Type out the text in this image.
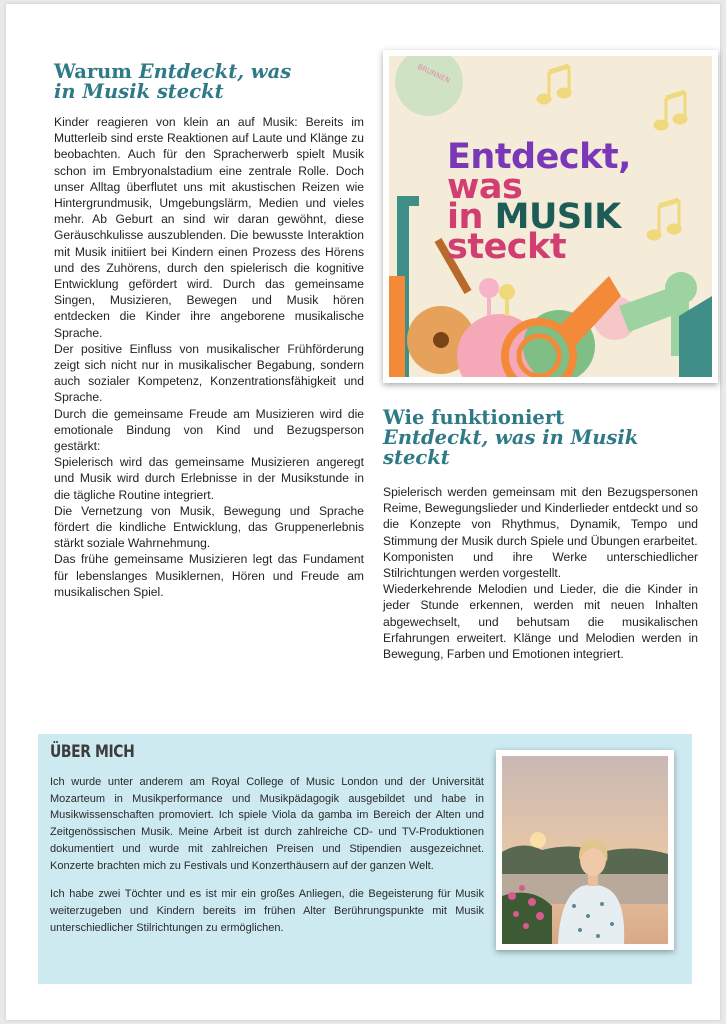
Warum Entdeckt, was
in Musik steckt

Kinder reagieren von klein an auf Musik: Bereits im Mutterleib sind erste Reaktionen auf Laute und Klänge zu beobachten. Auch für den Spracherwerb spielt Musik schon im Embryonalstadium eine zentrale Rolle. Doch unser Alltag überflutet uns mit akustischen Reizen wie Hintergrundmusik, Umgebungslärm, Medien und vieles mehr. Ab Geburt an sind wir daran gewöhnt, diese Geräuschkulisse auszublenden. Die bewusste Interaktion mit Musik initiiert bei Kindern einen Prozess des Hörens und des Zuhörens, durch den spielerisch die kognitive Entwicklung gefördert wird. Durch das gemeinsame Singen, Musizieren, Bewegen und Musik hören entdecken die Kinder ihre angeborene musikalische Sprache.

Der positive Einfluss von musikalischer Frühförderung zeigt sich nicht nur in musikalischer Begabung, sondern auch sozialer Kompetenz, Konzentrationsfähigkeit und Sprache.

Durch die gemeinsame Freude am Musizieren wird die emotionale Bindung von Kind und Bezugsperson gestärkt:

Spielerisch wird das gemeinsame Musizieren angeregt und Musik wird durch Erlebnisse in der Musikstunde in die tägliche Routine integriert.

Die Vernetzung von Musik, Bewegung und Sprache fördert die kindliche Entwicklung, das Gruppenerlebnis stärkt soziale Wahrnehmung.

Das frühe gemeinsame Musizieren legt das Fundament für lebenslanges Musiklernen, Hören und Freude am musikalischen Spiel.

BRUNNEN
Entdeckt,
was
in MUSIK
steckt
Wie funktioniert
Entdeckt, was in Musik
steckt

Spielerisch werden gemeinsam mit den Bezugspersonen Reime, Bewegungslieder und Kinderlieder entdeckt und so die Konzepte von Rhythmus, Dynamik, Tempo und Stimmung der Musik durch Spiele und Übungen erarbeitet.

Komponisten und ihre Werke unterschiedlicher Stilrichtungen werden vorgestellt.

Wiederkehrende Melodien und Lieder, die die Kinder in jeder Stunde erkennen, werden mit neuen Inhalten abgewechselt, und behutsam die musikalischen Erfahrungen erweitert. Klänge und Melodien werden in Bewegung, Farben und Emotionen integriert.

ÜBER MICH

Ich wurde unter anderem am Royal College of Music London und der Universität Mozarteum in Musikperformance und Musikpädagogik ausgebildet und habe in Musikwissenschaften promoviert. Ich spiele Viola da gamba im Bereich der Alten und Zeitgenössischen Musik. Meine Arbeit ist durch zahlreiche CD- und TV-Produktionen dokumentiert und wurde mit zahlreichen Preisen und Stipendien ausgezeichnet. Konzerte brachten mich zu Festivals und Konzerthäusern auf der ganzen Welt.

Ich habe zwei Töchter und es ist mir ein großes Anliegen, die Begeisterung für Musik weiterzugeben und Kindern bereits im frühen Alter Berührungspunkte mit Musik unterschiedlicher Stilrichtungen zu ermöglichen.
